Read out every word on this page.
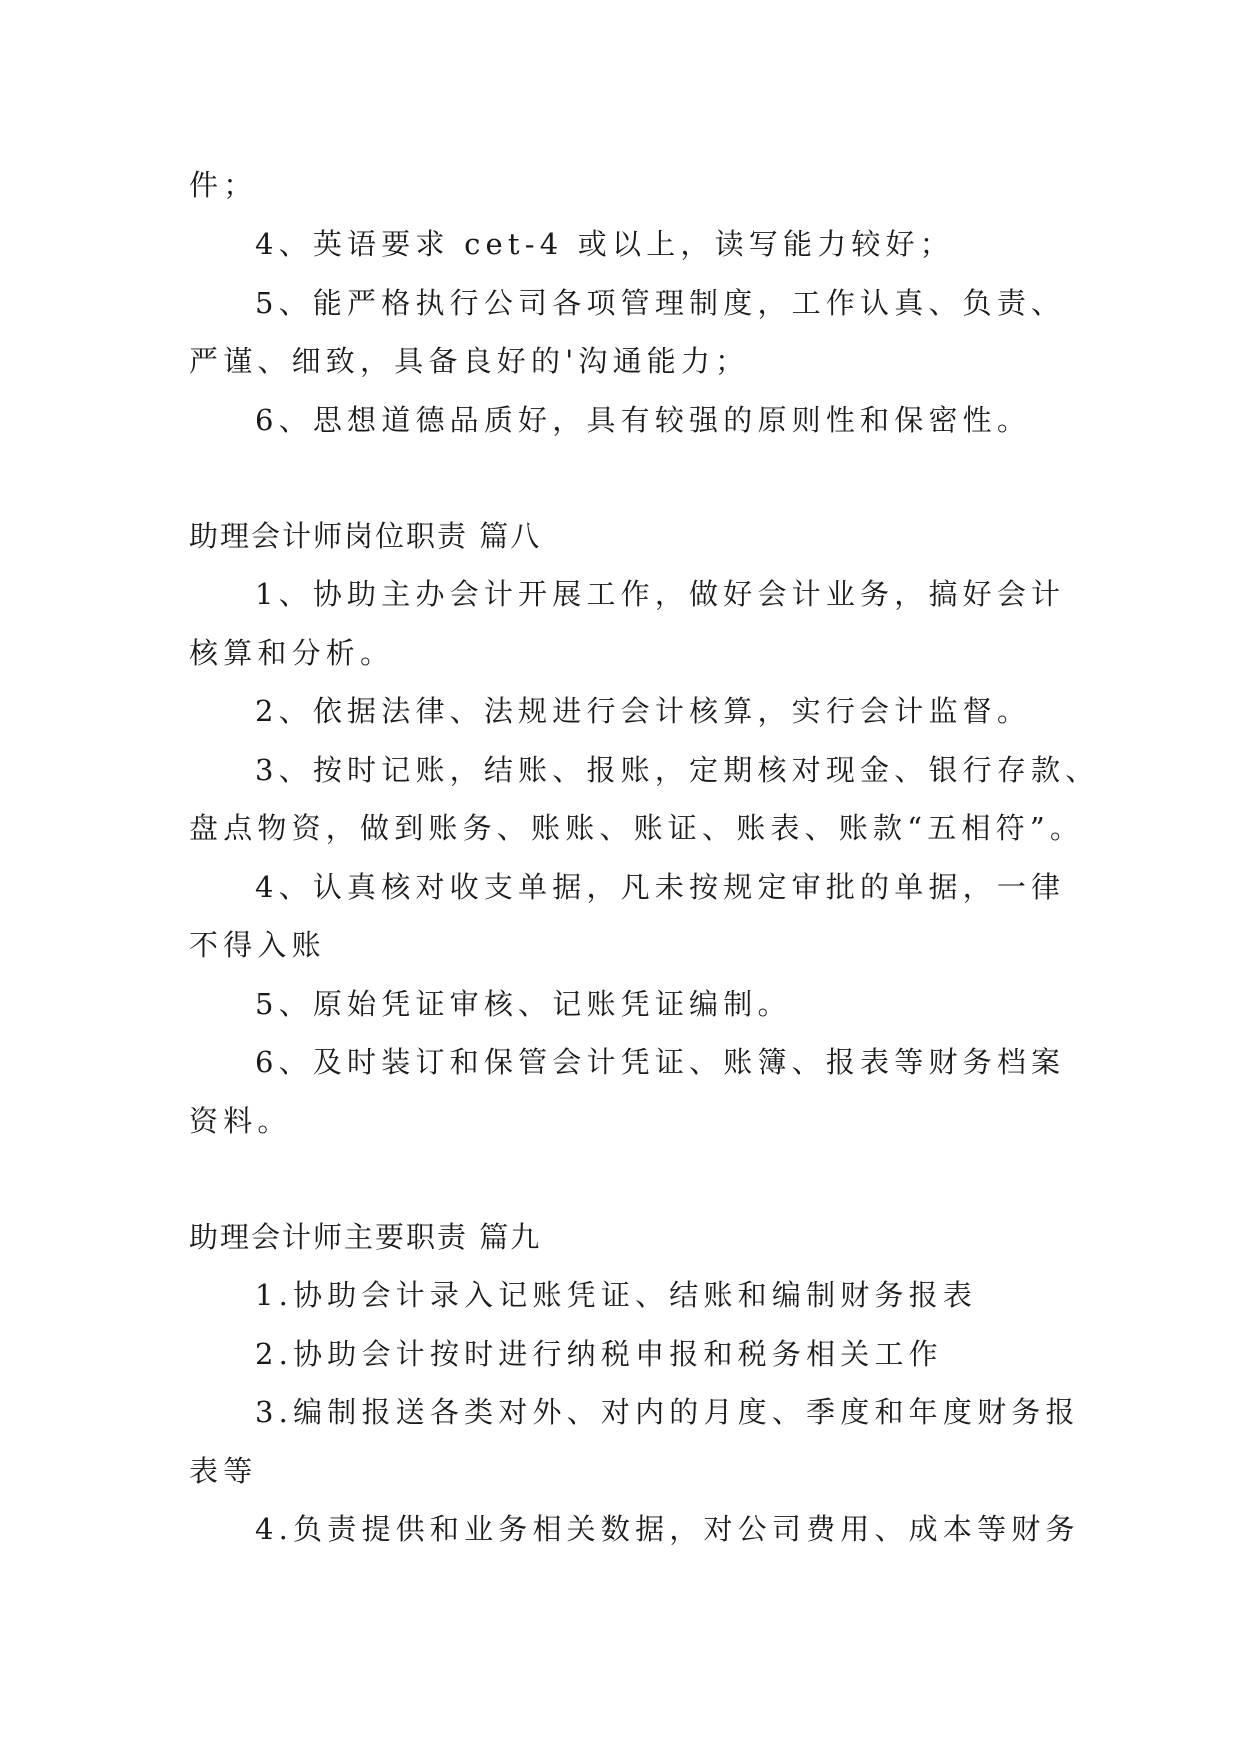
件；
4、英语要求 cet-4 或以上，读写能力较好；
5、能严格执行公司各项管理制度，工作认真、负责、
严谨、细致，具备良好的'沟通能力；
6、思想道德品质好，具有较强的原则性和保密性。
助理会计师岗位职责 篇八
1、协助主办会计开展工作，做好会计业务，搞好会计
核算和分析。
2、依据法律、法规进行会计核算，实行会计监督。
3、按时记账，结账、报账，定期核对现金、银行存款、
盘点物资，做到账务、账账、账证、账表、账款“五相符”。
4、认真核对收支单据，凡未按规定审批的单据，一律
不得入账
5、原始凭证审核、记账凭证编制。
6、及时装订和保管会计凭证、账簿、报表等财务档案
资料。
助理会计师主要职责 篇九
1.协助会计录入记账凭证、结账和编制财务报表
2.协助会计按时进行纳税申报和税务相关工作
3.编制报送各类对外、对内的月度、季度和年度财务报
表等
4.负责提供和业务相关数据，对公司费用、成本等财务
